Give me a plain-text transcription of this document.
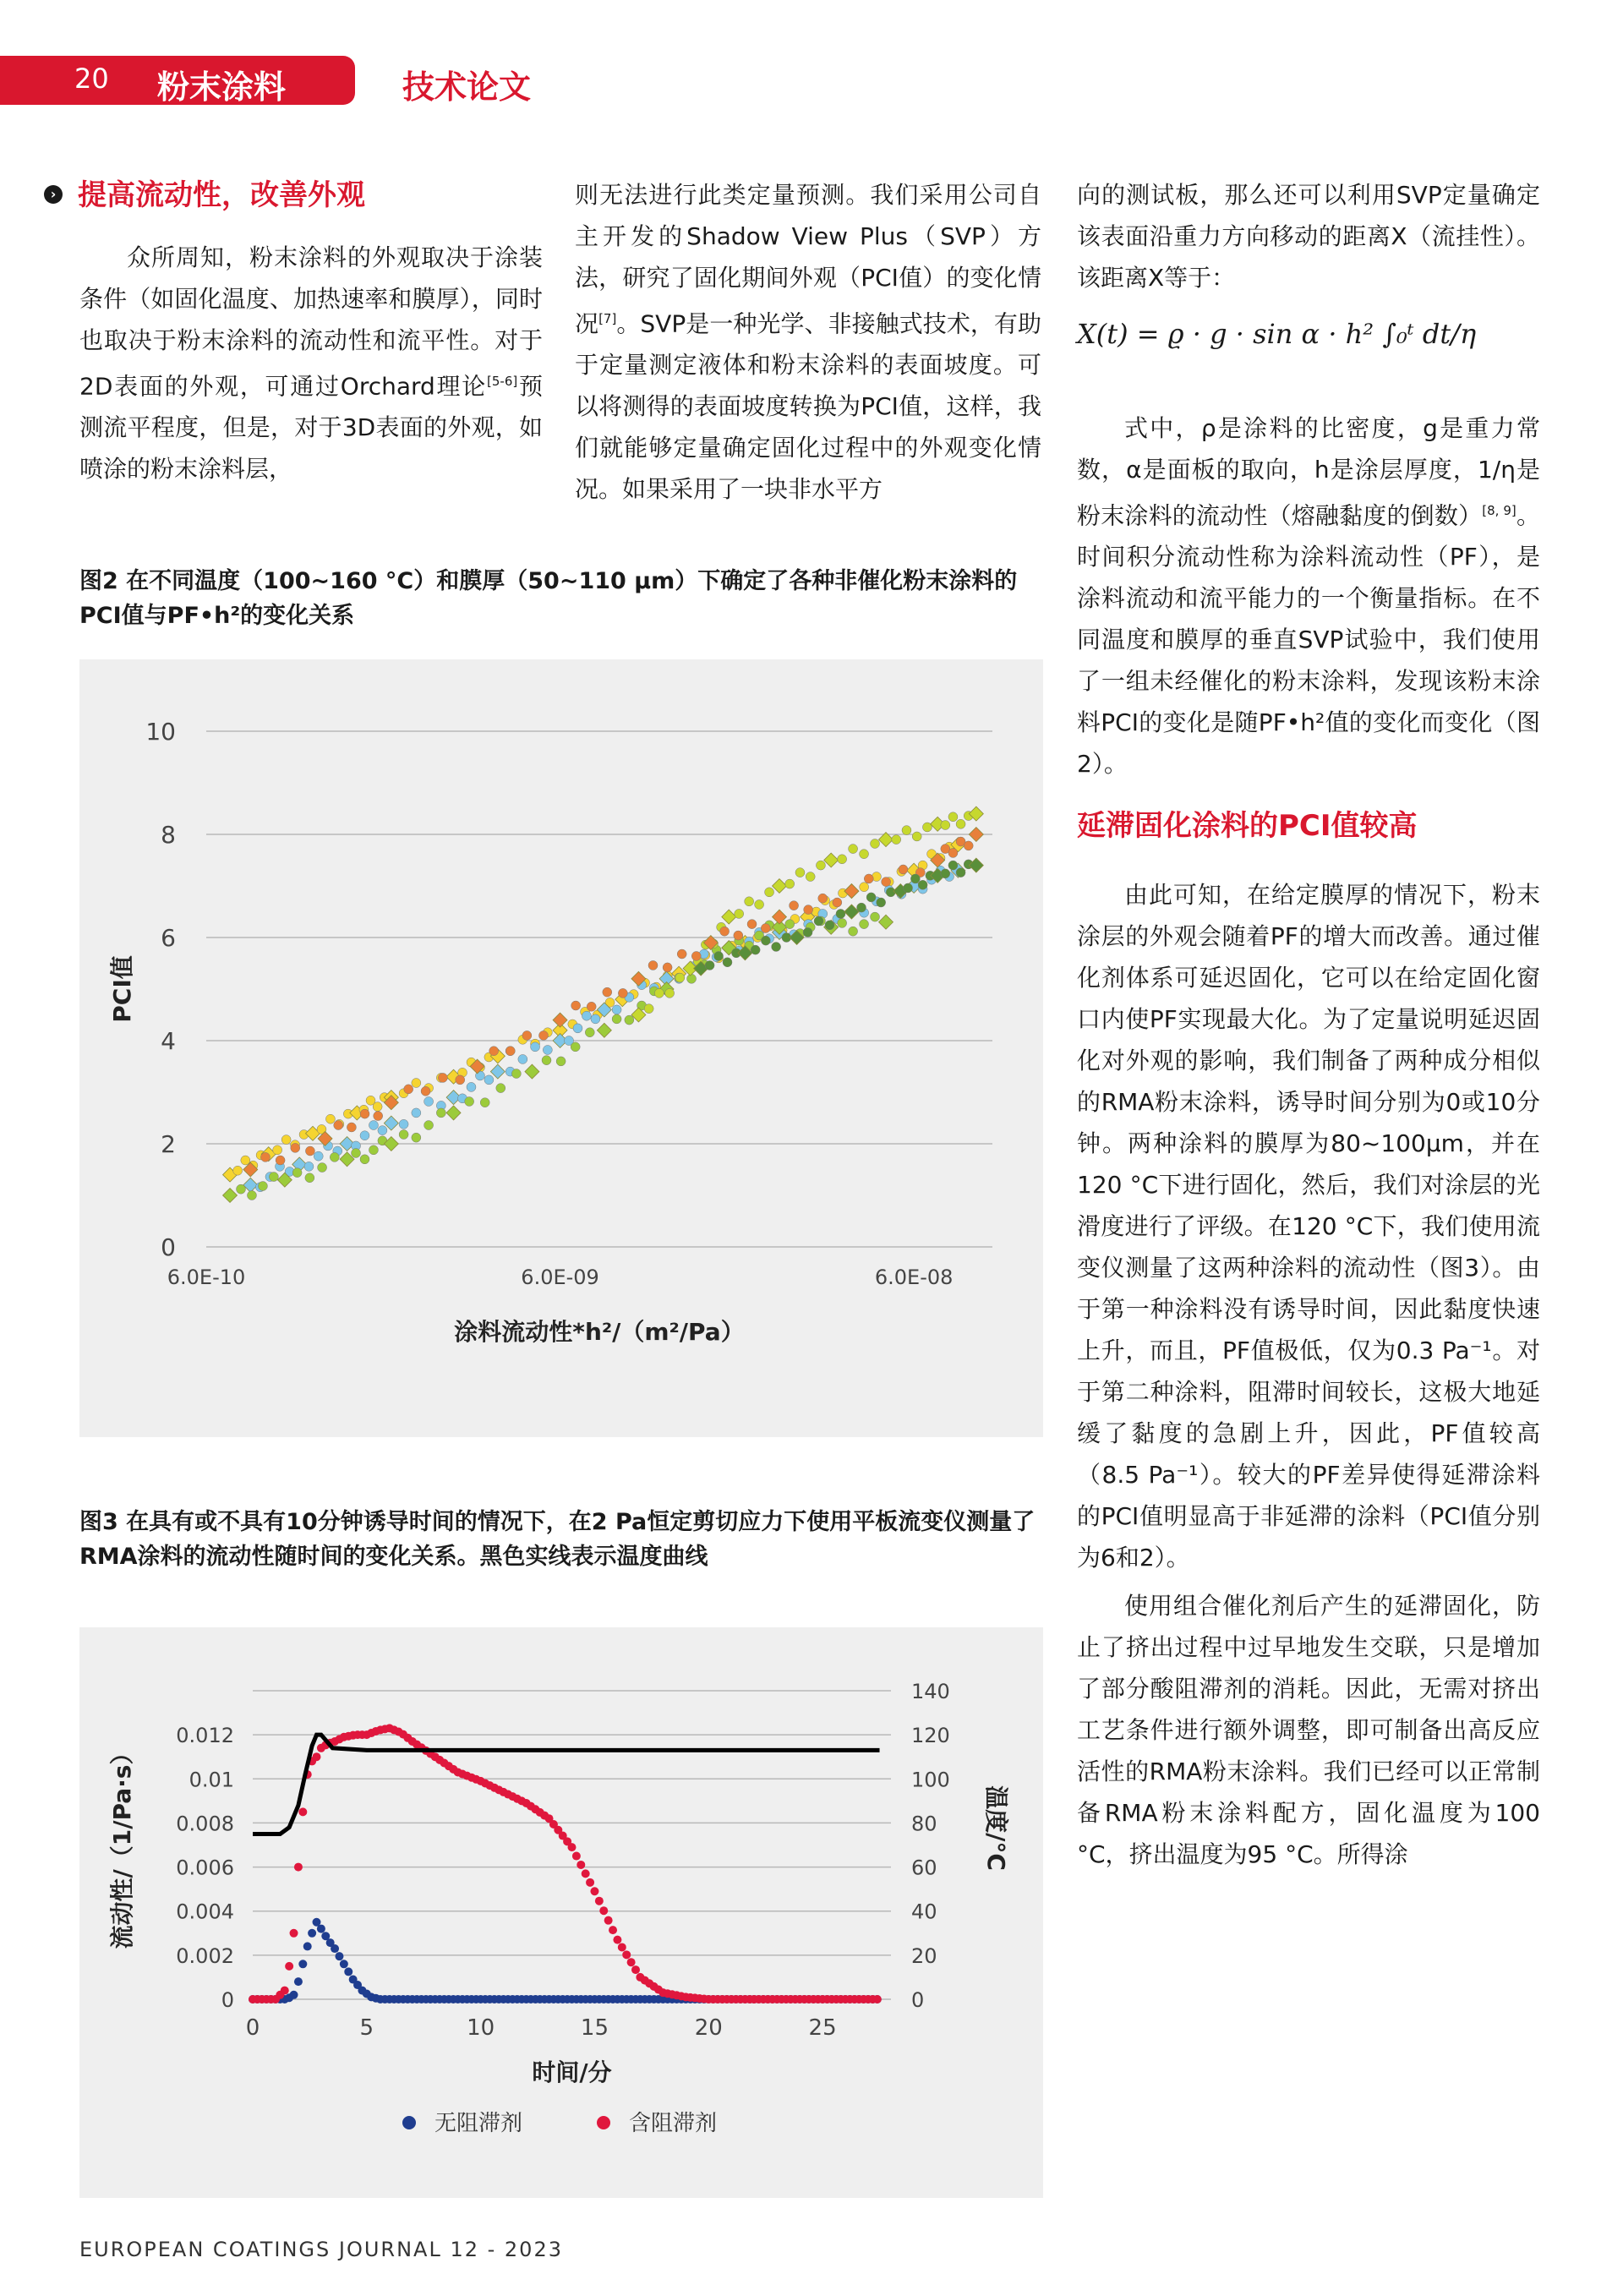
20 粉末涂料	技术论文
› 提高流动性，改善外观

众所周知，粉末涂料的外观取决于涂装条件（如固化温度、加热速率和膜厚），同时也取决于粉末涂料的流动性和流平性。对于2D表面的外观，可通过Orchard理论[5-6]预测流平程度，但是，对于3D表面的外观，如喷涂的粉末涂料层，

则无法进行此类定量预测。我们采用公司自主开发的Shadow View Plus（SVP）方法，研究了固化期间外观（PCI值）的变化情况[7]。SVP是一种光学、非接触式技术，有助于定量测定液体和粉末涂料的表面坡度。可以将测得的表面坡度转换为PCI值，这样，我们就能够定量确定固化过程中的外观变化情况。如果采用了一块非水平方

向的测试板，那么还可以利用SVP定量确定该表面沿重力方向移动的距离X（流挂性）。该距离X等于：

X(t) = ϱ · g · sin α · h² ∫₀ᵗ dt/η

式中，ρ是涂料的比密度，g是重力常数，α是面板的取向，h是涂层厚度，1/η是粉末涂料的流动性（熔融黏度的倒数）[8, 9]。时间积分流动性称为涂料流动性（PF），是涂料流动和流平能力的一个衡量指标。在不同温度和膜厚的垂直SVP试验中，我们使用了一组未经催化的粉末涂料，发现该粉末涂料PCI的变化是随PF•h²值的变化而变化（图2）。

延滞固化涂料的PCI值较高

由此可知，在给定膜厚的情况下，粉末涂层的外观会随着PF的增大而改善。通过催化剂体系可延迟固化，它可以在给定固化窗口内使PF实现最大化。为了定量说明延迟固化对外观的影响，我们制备了两种成分相似的RMA粉末涂料，诱导时间分别为0或10分钟。两种涂料的膜厚为80~100μm，并在120 °C下进行固化，然后，我们对涂层的光滑度进行了评级。在120 °C下，我们使用流变仪测量了这两种涂料的流动性（图3）。由于第一种涂料没有诱导时间，因此黏度快速上升，而且，PF值极低，仅为0.3 Pa⁻¹。对于第二种涂料，阻滞时间较长，这极大地延缓了黏度的急剧上升，因此，PF值较高（8.5 Pa⁻¹）。较大的PF差异使得延滞涂料的PCI值明显高于非延滞的涂料（PCI值分别为6和2）。

使用组合催化剂后产生的延滞固化，防止了挤出过程中过早地发生交联，只是增加了部分酸阻滞剂的消耗。因此，无需对挤出工艺条件进行额外调整，即可制备出高反应活性的RMA粉末涂料。我们已经可以正常制备RMA粉末涂料配方，固化温度为100 °C，挤出温度为95 °C。所得涂

图2 在不同温度（100~160 °C）和膜厚（50~110 μm）下确定了各种非催化粉末涂料的PCI值与PF•h²的变化关系
0
2
4
6
8
10
6.0E-10	6.0E-09	6.0E-08
PCI值
涂料流动性*h²/（m²/Pa）
图3 在具有或不具有10分钟诱导时间的情况下，在2 Pa恒定剪切应力下使用平板流变仪测量了RMA涂料的流动性随时间的变化关系。黑色实线表示温度曲线
0
20
40
60
80
100
120
140
0
0.002
0.004
0.006
0.008
0.01
0.012
0	5	10	15	20	25
流动性/（1/Pa·s）	温度/°C
时间/分
无阻滞剂	含阻滞剂
EUROPEAN COATINGS JOURNAL 12 - 2023
